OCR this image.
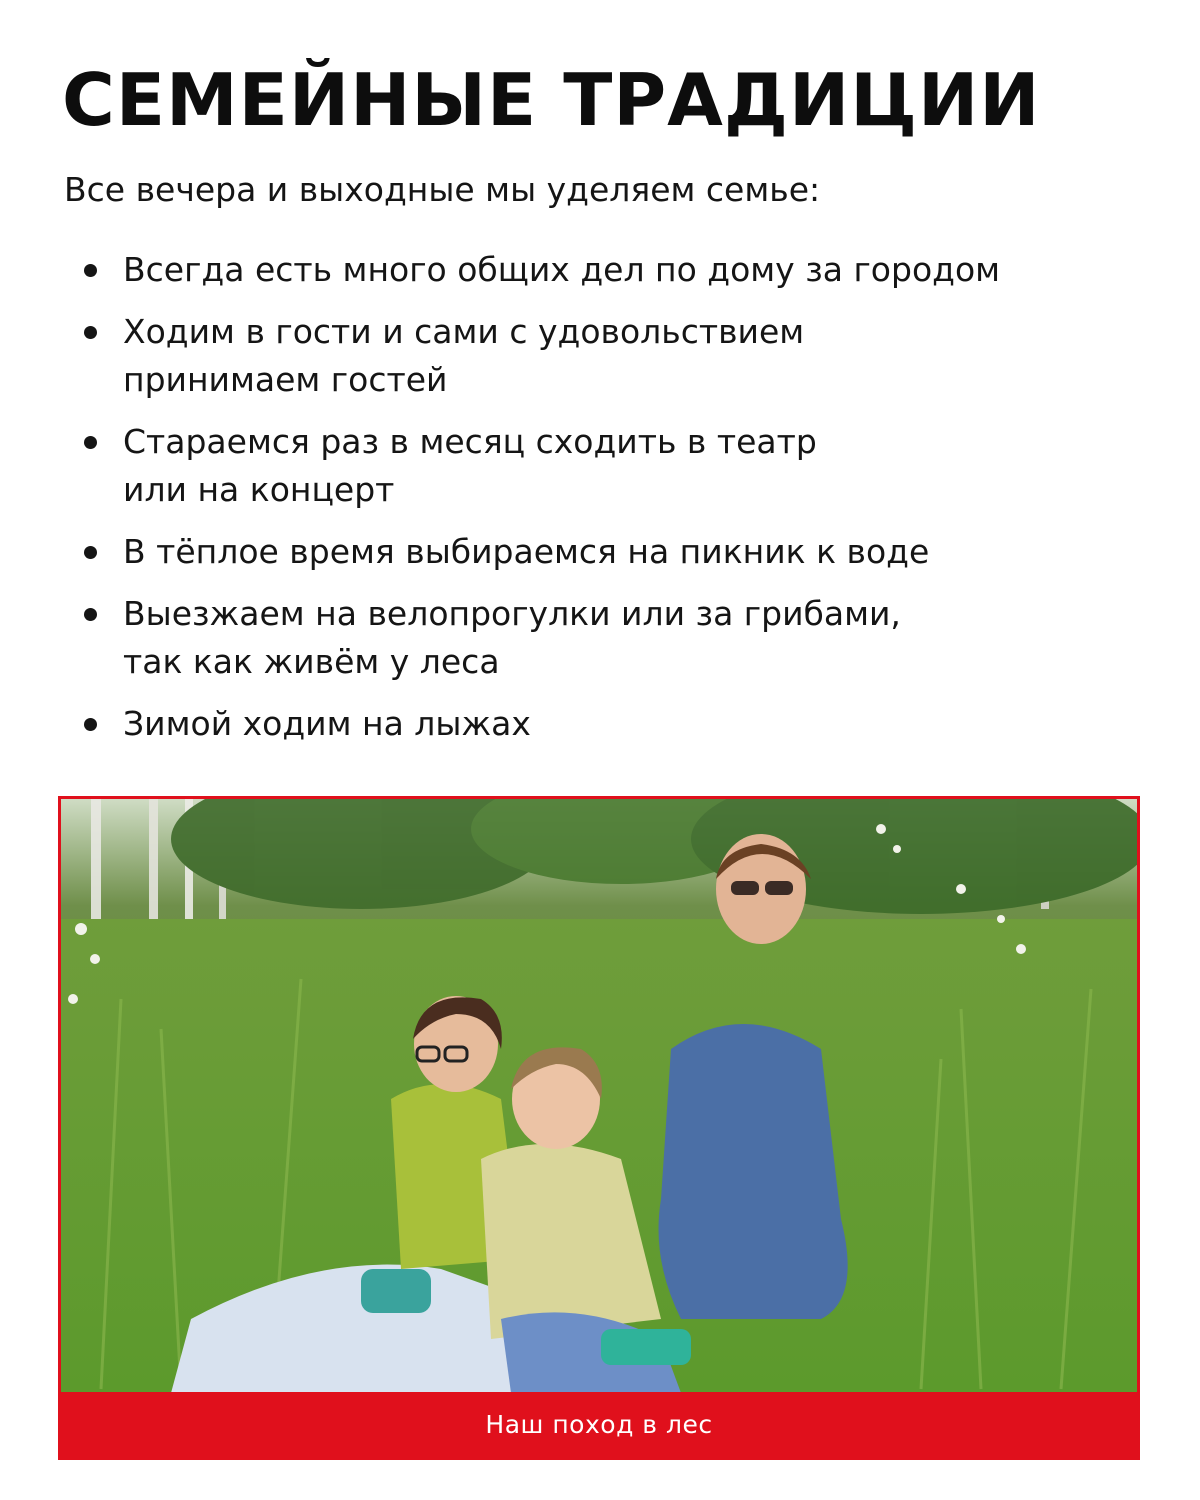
СЕМЕЙНЫЕ ТРАДИЦИИ

Все вечера и выходные мы уделяем семье:

Всегда есть много общих дел по дому за городом
Ходим в гости и сами с удовольствием
принимаем гостей
Стараемся раз в месяц сходить в театр
или на концерт
В тёплое время выбираемся на пикник к воде
Выезжаем на велопрогулки или за грибами,
так как живём у леса
Зимой ходим на лыжах
Наш поход в лес
